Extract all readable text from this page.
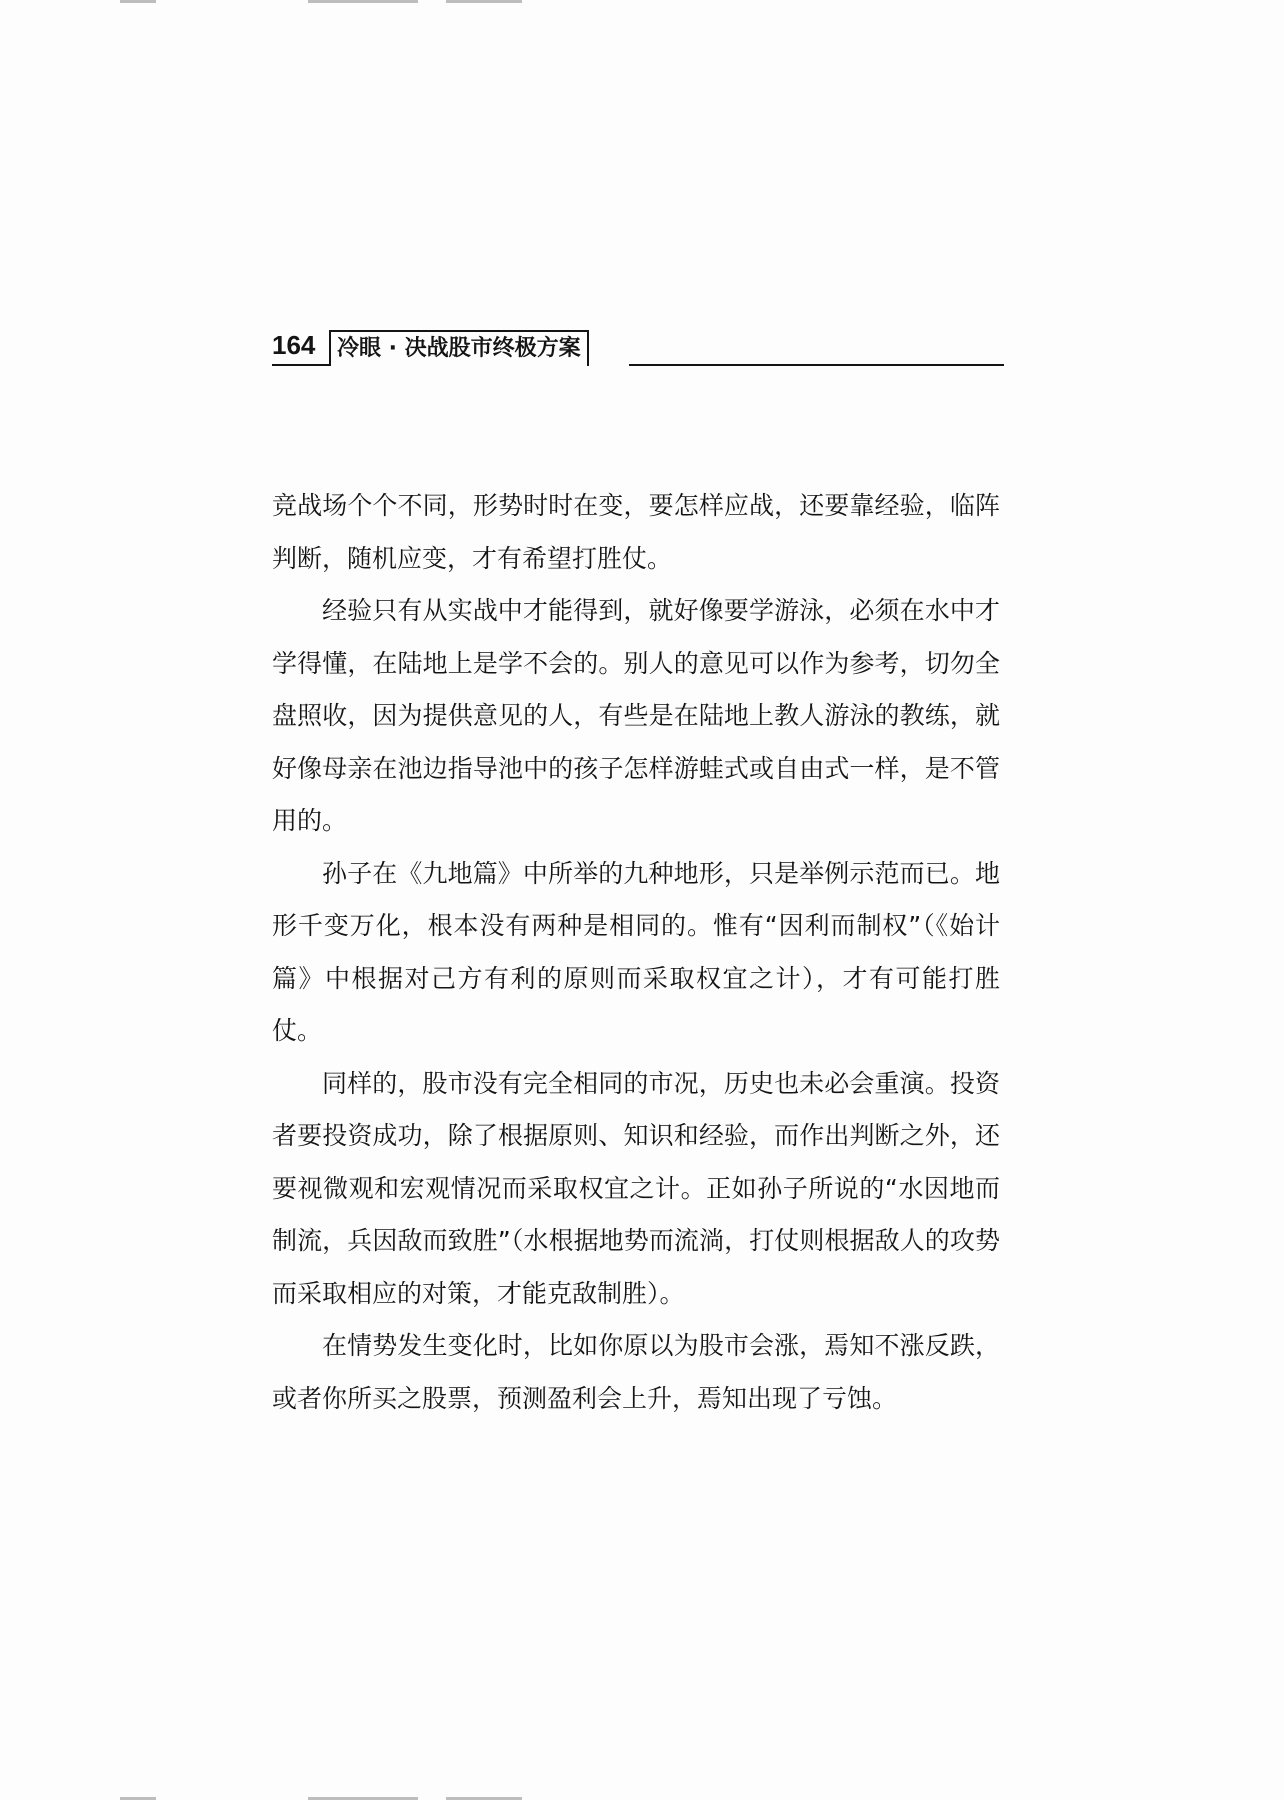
164 冷眼 · 决战股市终极方案

竞战场个个不同，形势时时在变，要怎样应战，还要靠经验，临阵判断，随机应变，才有希望打胜仗。

经验只有从实战中才能得到，就好像要学游泳，必须在水中才学得懂，在陆地上是学不会的。别人的意见可以作为参考，切勿全盘照收，因为提供意见的人，有些是在陆地上教人游泳的教练，就好像母亲在池边指导池中的孩子怎样游蛙式或自由式一样，是不管用的。

孙子在《九地篇》中所举的九种地形，只是举例示范而已。地形千变万化，根本没有两种是相同的。惟有“因利而制权”（《始计篇》中根据对己方有利的原则而采取权宜之计），才有可能打胜仗。

同样的，股市没有完全相同的市况，历史也未必会重演。投资者要投资成功，除了根据原则、知识和经验，而作出判断之外，还要视微观和宏观情况而采取权宜之计。正如孙子所说的“水因地而制流，兵因敌而致胜”（水根据地势而流淌，打仗则根据敌人的攻势而采取相应的对策，才能克敌制胜）。

在情势发生变化时，比如你原以为股市会涨，焉知不涨反跌，或者你所买之股票，预测盈利会上升，焉知出现了亏蚀。
